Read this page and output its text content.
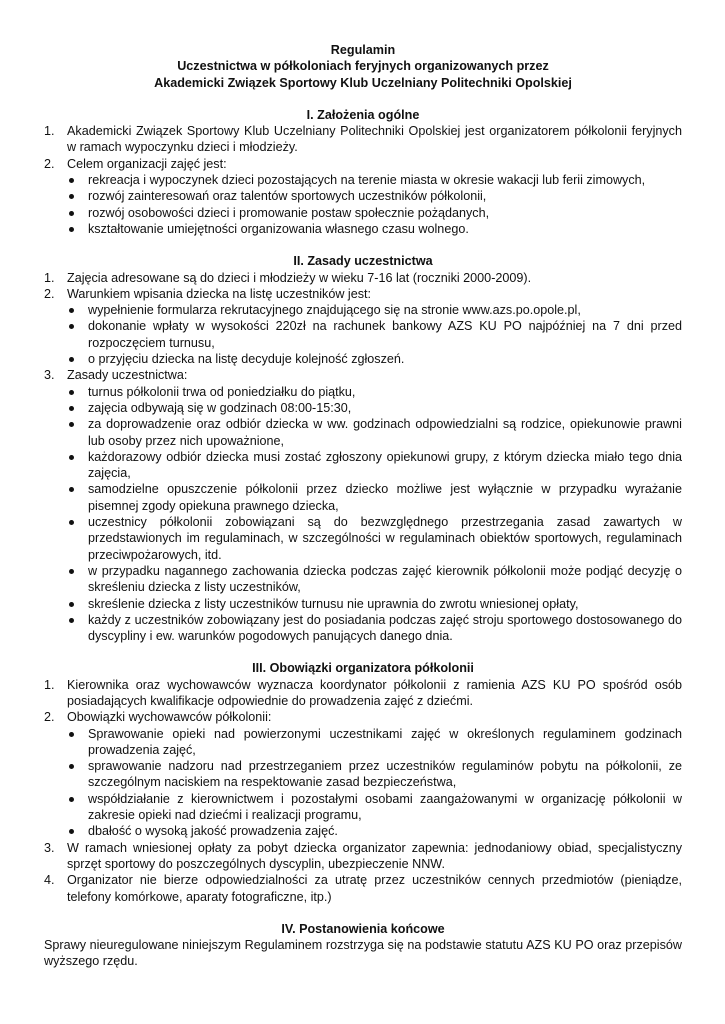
Regulamin
Uczestnictwa w półkoloniach feryjnych organizowanych przez
Akademicki Związek Sportowy Klub Uczelniany Politechniki Opolskiej
I. Założenia ogólne
1. Akademicki Związek Sportowy Klub Uczelniany Politechniki Opolskiej jest organizatorem półkolonii feryjnych w ramach wypoczynku dzieci i młodzieży.
2. Celem organizacji zajęć jest:
rekreacja i wypoczynek dzieci pozostających na terenie miasta w okresie wakacji lub ferii zimowych,
rozwój zainteresowań oraz talentów sportowych uczestników półkolonii,
rozwój osobowości dzieci i promowanie postaw społecznie pożądanych,
kształtowanie umiejętności organizowania własnego czasu wolnego.
II. Zasady uczestnictwa
1. Zajęcia adresowane są do dzieci i młodzieży w wieku 7-16 lat (roczniki 2000-2009).
2. Warunkiem wpisania dziecka na listę uczestników jest:
wypełnienie formularza rekrutacyjnego znajdującego się na stronie www.azs.po.opole.pl,
dokonanie wpłaty w wysokości 220zł na rachunek bankowy AZS KU PO najpóźniej na 7 dni przed rozpoczęciem turnusu,
o przyjęciu dziecka na listę decyduje kolejność zgłoszeń.
3. Zasady uczestnictwa:
turnus półkolonii trwa od poniedziałku do piątku,
zajęcia odbywają się w godzinach 08:00-15:30,
za doprowadzenie oraz odbiór dziecka w ww. godzinach odpowiedzialni są rodzice, opiekunowie prawni lub osoby przez nich upoważnione,
każdorazowy odbiór dziecka musi zostać zgłoszony opiekunowi grupy, z którym dziecka miało tego dnia zajęcia,
samodzielne opuszczenie półkolonii przez dziecko możliwe jest wyłącznie w przypadku wyrażanie pisemnej zgody opiekuna prawnego dziecka,
uczestnicy półkolonii zobowiązani są do bezwzględnego przestrzegania zasad zawartych w przedstawionych im regulaminach, w szczególności w regulaminach obiektów sportowych, regulaminach przeciwpożarowych, itd.
w przypadku nagannego zachowania dziecka podczas zajęć kierownik półkolonii może podjąć decyzję o skreśleniu dziecka z listy uczestników,
skreślenie dziecka z listy uczestników turnusu nie uprawnia do zwrotu wniesionej opłaty,
każdy z uczestników zobowiązany jest do posiadania podczas zajęć stroju sportowego dostosowanego do dyscypliny i ew. warunków pogodowych panujących danego dnia.
III. Obowiązki organizatora półkolonii
1. Kierownika oraz wychowawców wyznacza koordynator półkolonii z ramienia AZS KU PO spośród osób posiadających kwalifikacje odpowiednie do prowadzenia zajęć z dziećmi.
2. Obowiązki wychowawców półkolonii:
Sprawowanie opieki nad powierzonymi uczestnikami zajęć w określonych regulaminem godzinach prowadzenia zajęć,
sprawowanie nadzoru nad przestrzeganiem przez uczestników regulaminów pobytu na półkolonii, ze szczególnym naciskiem na respektowanie zasad bezpieczeństwa,
współdziałanie z kierownictwem i pozostałymi osobami zaangażowanymi w organizację półkolonii w zakresie opieki nad dziećmi i realizacji programu,
dbałość o wysoką jakość prowadzenia zajęć.
3. W ramach wniesionej opłaty za pobyt dziecka organizator zapewnia: jednodaniowy obiad, specjalistyczny sprzęt sportowy do poszczególnych dyscyplin, ubezpieczenie NNW.
4. Organizator nie bierze odpowiedzialności za utratę przez uczestników cennych przedmiotów (pieniądze, telefony komórkowe, aparaty fotograficzne, itp.)
IV. Postanowienia końcowe
Sprawy nieuregulowane niniejszym Regulaminem rozstrzyga się na podstawie statutu AZS KU PO oraz przepisów wyższego rzędu.
